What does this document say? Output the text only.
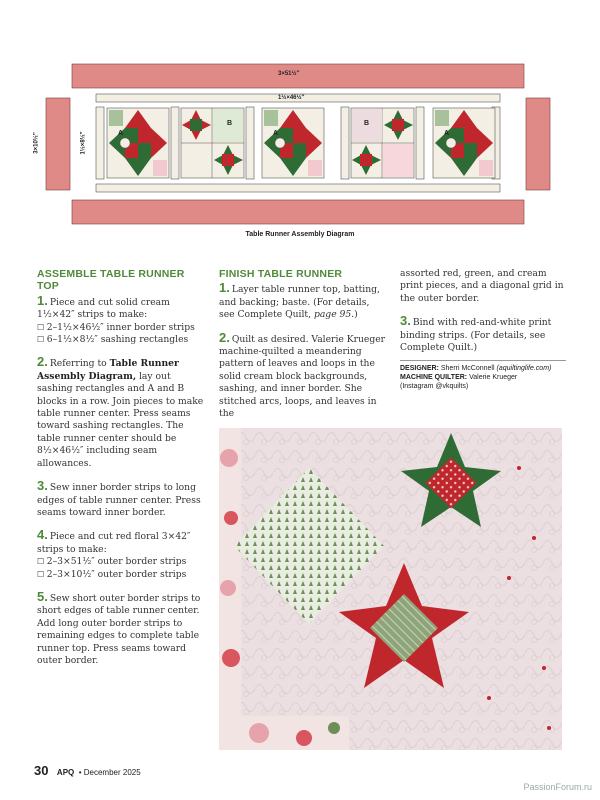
A	A	A
B	B
3×51½″
1½×46½″
3×10½″	1½×8½″
Table Runner Assembly Diagram
ASSEMBLE TABLE RUNNER TOP

1. Piece and cut solid cream 1½×42″ strips to make:

☐ 2–1½×46½″ inner border strips
☐ 6–1½×8½″ sashing rectangles

2. Referring to Table Runner Assembly Diagram, lay out sashing rectangles and A and B blocks in a row. Join pieces to make table runner center. Press seams toward sashing rectangles. The table runner center should be 8½×46½″ including seam allowances.

3. Sew inner border strips to long edges of table runner center. Press seams toward inner border.

4. Piece and cut red floral 3×42″ strips to make:

☐ 2–3×51½″ outer border strips
☐ 2–3×10½″ outer border strips

5. Sew short outer border strips to short edges of table runner center. Add long outer border strips to remaining edges to complete table runner top. Press seams toward outer border.

FINISH TABLE RUNNER

1. Layer table runner top, batting, and backing; baste. (For details, see Complete Quilt, page 95.)

2. Quilt as desired. Valerie Krueger machine-quilted a meandering pattern of leaves and loops in the solid cream block backgrounds, sashing, and inner border. She stitched arcs, loops, and leaves in the

assorted red, green, and cream print pieces, and a diagonal grid in the outer border.

3. Bind with red-and-white print binding strips. (For details, see Complete Quilt.)

DESIGNER: Sherri McConnell (aquiltinglife.com)
MACHINE QUILTER: Valerie Krueger
(Instagram @vkquilts)
30 APQ • December 2025
PassionForum.ru
